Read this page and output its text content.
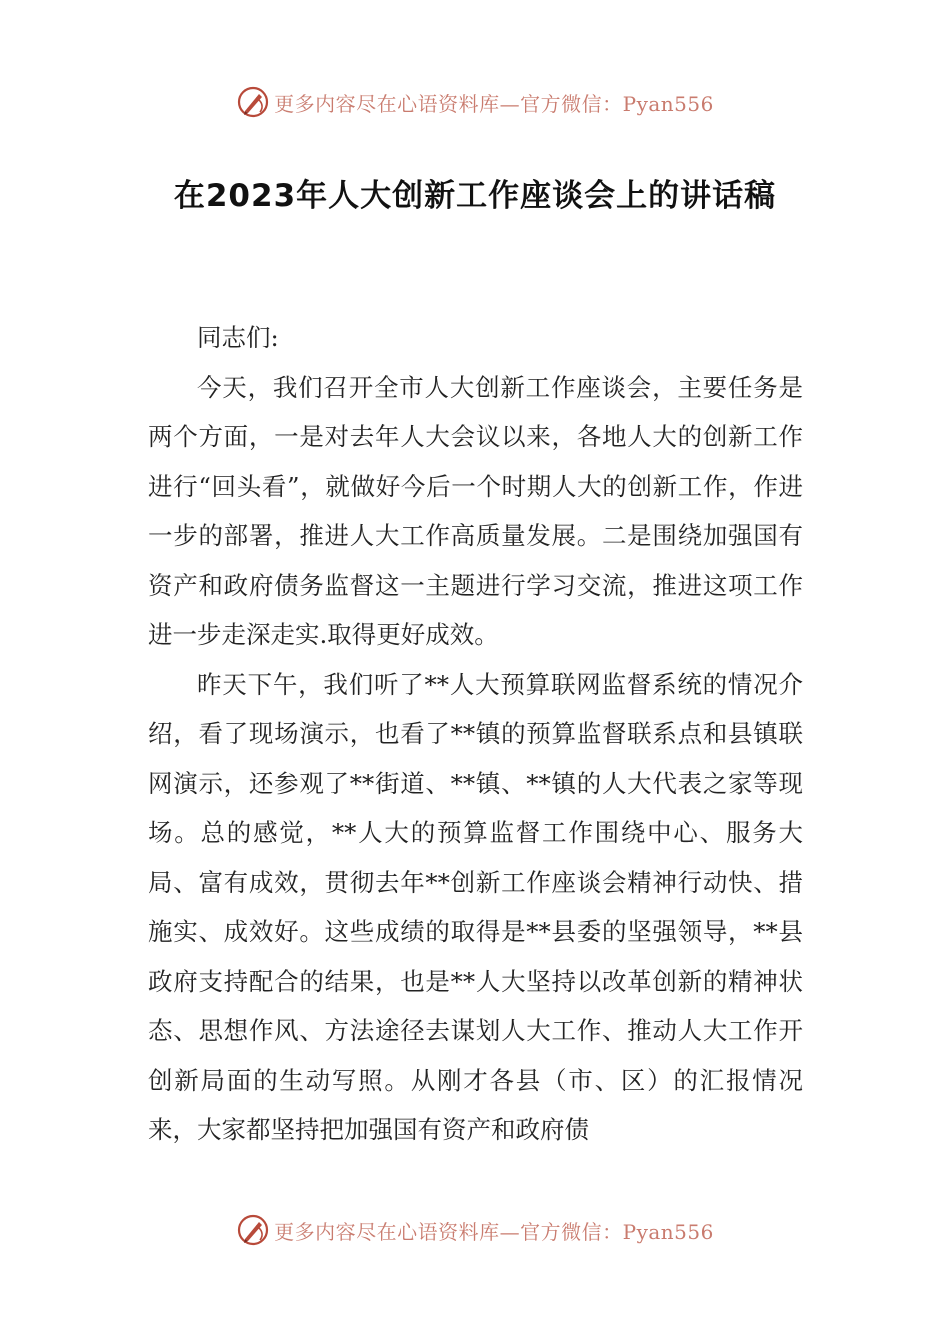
更多内容尽在心语资料库—官方微信：Pyan556
在2023年人大创新工作座谈会上的讲话稿

同志们:

今天，我们召开全市人大创新工作座谈会，主要任务是两个方面，一是对去年人大会议以来，各地人大的创新工作进行“回头看”，就做好今后一个时期人大的创新工作，作进一步的部署，推进人大工作高质量发展。二是围绕加强国有资产和政府债务监督这一主题进行学习交流，推进这项工作进一步走深走实.取得更好成效。

昨天下午，我们听了**人大预算联网监督系统的情况介绍，看了现场演示，也看了**镇的预算监督联系点和县镇联网演示，还参观了**街道、**镇、**镇的人大代表之家等现场。总的感觉，**人大的预算监督工作围绕中心、服务大局、富有成效，贯彻去年**创新工作座谈会精神行动快、措施实、成效好。这些成绩的取得是**县委的坚强领导，**县政府支持配合的结果，也是**人大坚持以改革创新的精神状态、思想作风、方法途径去谋划人大工作、推动人大工作开创新局面的生动写照。从刚才各县（市、区）的汇报情况来，大家都坚持把加强国有资产和政府债

更多内容尽在心语资料库—官方微信：Pyan556
